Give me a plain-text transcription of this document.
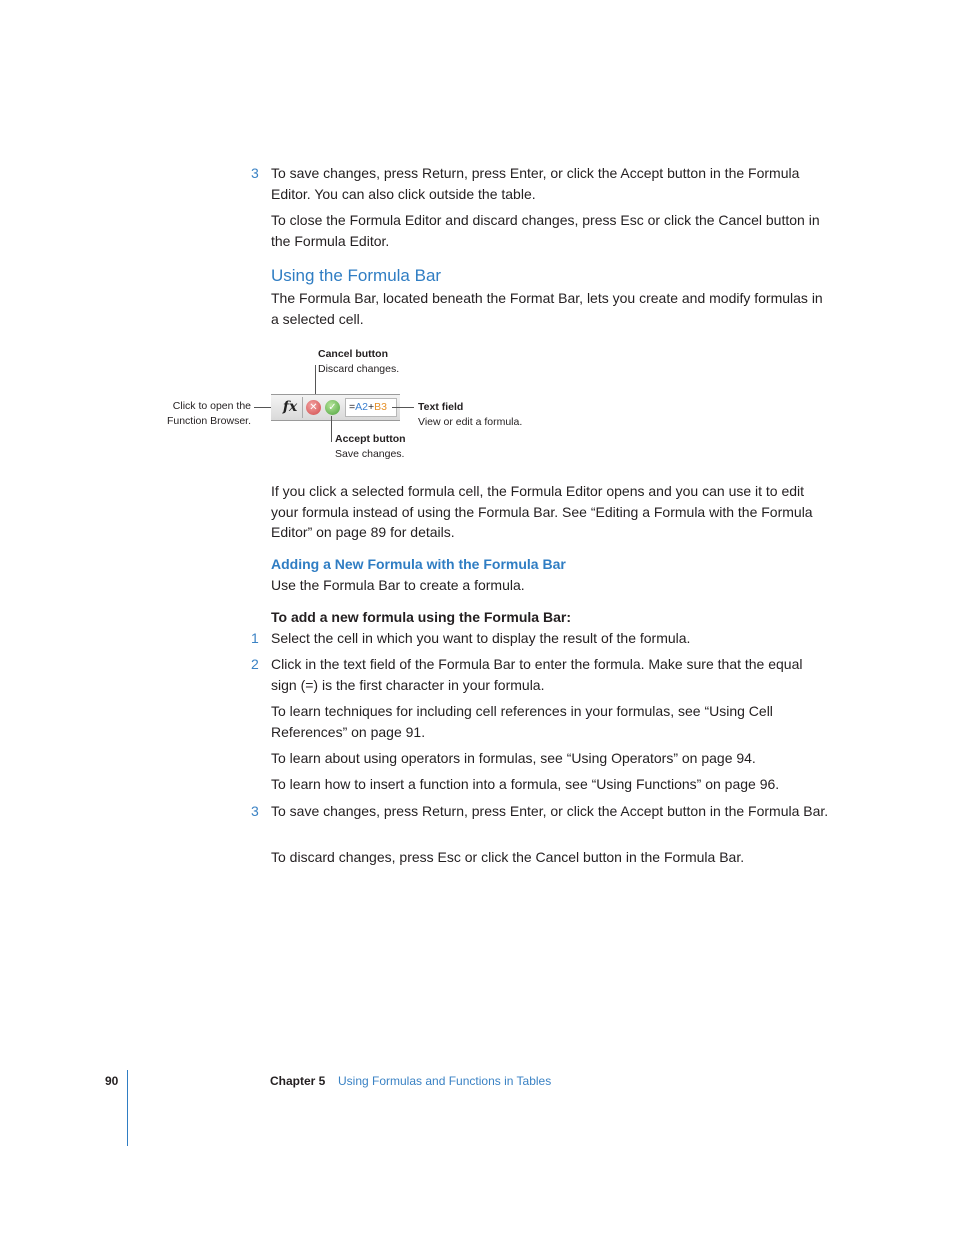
3 To save changes, press Return, press Enter, or click the Accept button in the Formula Editor. You can also click outside the table.

To close the Formula Editor and discard changes, press Esc or click the Cancel button in the Formula Editor.

Using the Formula Bar

The Formula Bar, located beneath the Format Bar, lets you create and modify formulas in a selected cell.

Cancel button
Discard changes.
Click to open the
Function Browser.
fx	✕	✓	=A2+B3	Text field
View or edit a formula.
Accept button
Save changes.

If you click a selected formula cell, the Formula Editor opens and you can use it to edit your formula instead of using the Formula Bar. See “Editing a Formula with the Formula Editor” on page 89 for details.

Adding a New Formula with the Formula Bar

Use the Formula Bar to create a formula.

To add a new formula using the Formula Bar:
1 Select the cell in which you want to display the result of the formula.

2 Click in the text field of the Formula Bar to enter the formula. Make sure that the equal sign (=) is the first character in your formula.

To learn techniques for including cell references in your formulas, see “Using Cell References” on page 91.

To learn about using operators in formulas, see “Using Operators” on page 94.

To learn how to insert a function into a formula, see “Using Functions” on page 96.

3 To save changes, press Return, press Enter, or click the Accept button in the Formula Bar.

To discard changes, press Esc or click the Cancel button in the Formula Bar.

90	Chapter 5 Using Formulas and Functions in Tables
